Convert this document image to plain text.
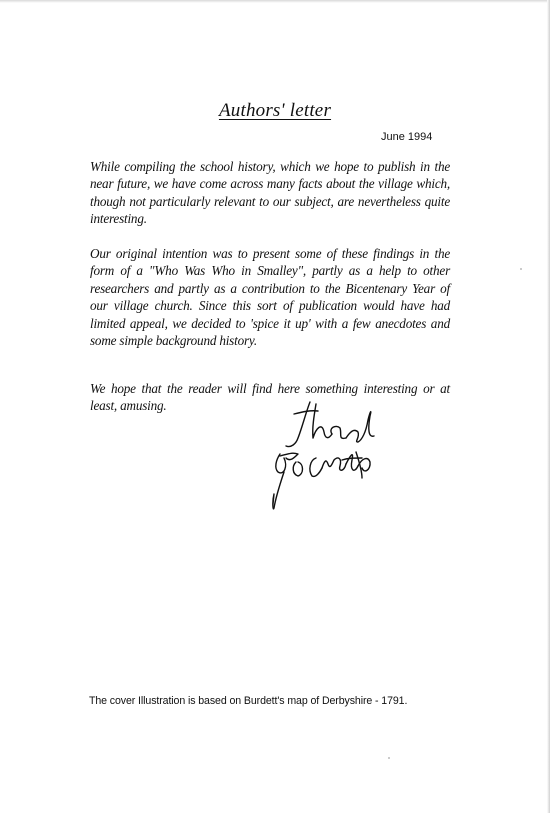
Authors' letter
June 1994

While compiling the school history, which we hope to publish in the near future, we have come across many facts about the village which, though not particularly relevant to our subject, are nevertheless quite interesting.

Our original intention was to present some of these findings in the form of a "Who Was Who in Smalley", partly as a help to other researchers and partly as a contribution to the Bicentenary Year of our village church. Since this sort of publication would have had limited appeal, we decided to 'spice it up' with a few anecdotes and some simple background history.

We hope that the reader will find here something interesting or at least, amusing.

The cover Illustration is based on Burdett's map of Derbyshire - 1791.
